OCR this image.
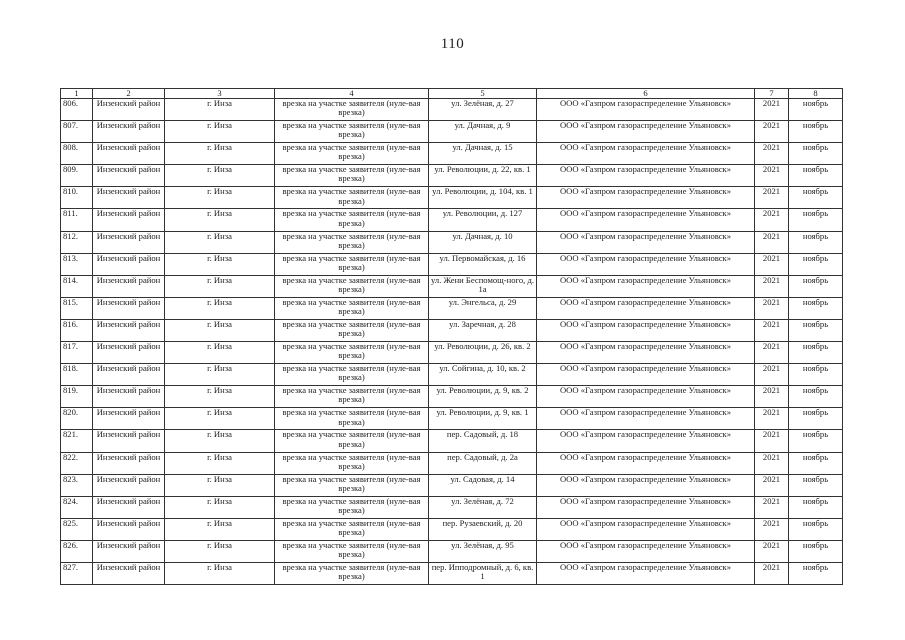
110
1	2	3	4	5	6	7	8
806.	Инзенский район	г. Инза	врезка на участке заявителя (нуле-вая врезка)	ул. Зелёная, д. 27	ООО «Газпром газораспределение Ульяновск»	2021	ноябрь
807.	Инзенский район	г. Инза	врезка на участке заявителя (нуле-вая врезка)	ул. Дачная, д. 9	ООО «Газпром газораспределение Ульяновск»	2021	ноябрь
808.	Инзенский район	г. Инза	врезка на участке заявителя (нуле-вая врезка)	ул. Дачная, д. 15	ООО «Газпром газораспределение Ульяновск»	2021	ноябрь
809.	Инзенский район	г. Инза	врезка на участке заявителя (нуле-вая врезка)	ул. Революции, д. 22, кв. 1	ООО «Газпром газораспределение Ульяновск»	2021	ноябрь
810.	Инзенский район	г. Инза	врезка на участке заявителя (нуле-вая врезка)	ул. Революции, д. 104, кв. 1	ООО «Газпром газораспределение Ульяновск»	2021	ноябрь
811.	Инзенский район	г. Инза	врезка на участке заявителя (нуле-вая врезка)	ул. Революции, д. 127	ООО «Газпром газораспределение Ульяновск»	2021	ноябрь
812.	Инзенский район	г. Инза	врезка на участке заявителя (нуле-вая врезка)	ул. Дачная, д. 10	ООО «Газпром газораспределение Ульяновск»	2021	ноябрь
813.	Инзенский район	г. Инза	врезка на участке заявителя (нуле-вая врезка)	ул. Первомайская, д. 16	ООО «Газпром газораспределение Ульяновск»	2021	ноябрь
814.	Инзенский район	г. Инза	врезка на участке заявителя (нуле-вая врезка)	ул. Жени Беспомощ-ного, д. 1а	ООО «Газпром газораспределение Ульяновск»	2021	ноябрь
815.	Инзенский район	г. Инза	врезка на участке заявителя (нуле-вая врезка)	ул. Энгельса, д. 29	ООО «Газпром газораспределение Ульяновск»	2021	ноябрь
816.	Инзенский район	г. Инза	врезка на участке заявителя (нуле-вая врезка)	ул. Заречная, д. 28	ООО «Газпром газораспределение Ульяновск»	2021	ноябрь
817.	Инзенский район	г. Инза	врезка на участке заявителя (нуле-вая врезка)	ул. Революции, д. 26, кв. 2	ООО «Газпром газораспределение Ульяновск»	2021	ноябрь
818.	Инзенский район	г. Инза	врезка на участке заявителя (нуле-вая врезка)	ул. Сойгина, д. 10, кв. 2	ООО «Газпром газораспределение Ульяновск»	2021	ноябрь
819.	Инзенский район	г. Инза	врезка на участке заявителя (нуле-вая врезка)	ул. Революции, д. 9, кв. 2	ООО «Газпром газораспределение Ульяновск»	2021	ноябрь
820.	Инзенский район	г. Инза	врезка на участке заявителя (нуле-вая врезка)	ул. Революции, д. 9, кв. 1	ООО «Газпром газораспределение Ульяновск»	2021	ноябрь
821.	Инзенский район	г. Инза	врезка на участке заявителя (нуле-вая врезка)	пер. Садовый, д. 18	ООО «Газпром газораспределение Ульяновск»	2021	ноябрь
822.	Инзенский район	г. Инза	врезка на участке заявителя (нуле-вая врезка)	пер. Садовый, д. 2а	ООО «Газпром газораспределение Ульяновск»	2021	ноябрь
823.	Инзенский район	г. Инза	врезка на участке заявителя (нуле-вая врезка)	ул. Садовая, д. 14	ООО «Газпром газораспределение Ульяновск»	2021	ноябрь
824.	Инзенский район	г. Инза	врезка на участке заявителя (нуле-вая врезка)	ул. Зелёная, д. 72	ООО «Газпром газораспределение Ульяновск»	2021	ноябрь
825.	Инзенский район	г. Инза	врезка на участке заявителя (нуле-вая врезка)	пер. Рузаевский, д. 20	ООО «Газпром газораспределение Ульяновск»	2021	ноябрь
826.	Инзенский район	г. Инза	врезка на участке заявителя (нуле-вая врезка)	ул. Зелёная, д. 95	ООО «Газпром газораспределение Ульяновск»	2021	ноябрь
827.	Инзенский район	г. Инза	врезка на участке заявителя (нуле-вая врезка)	пер. Ипподромный, д. 6, кв. 1	ООО «Газпром газораспределение Ульяновск»	2021	ноябрь
